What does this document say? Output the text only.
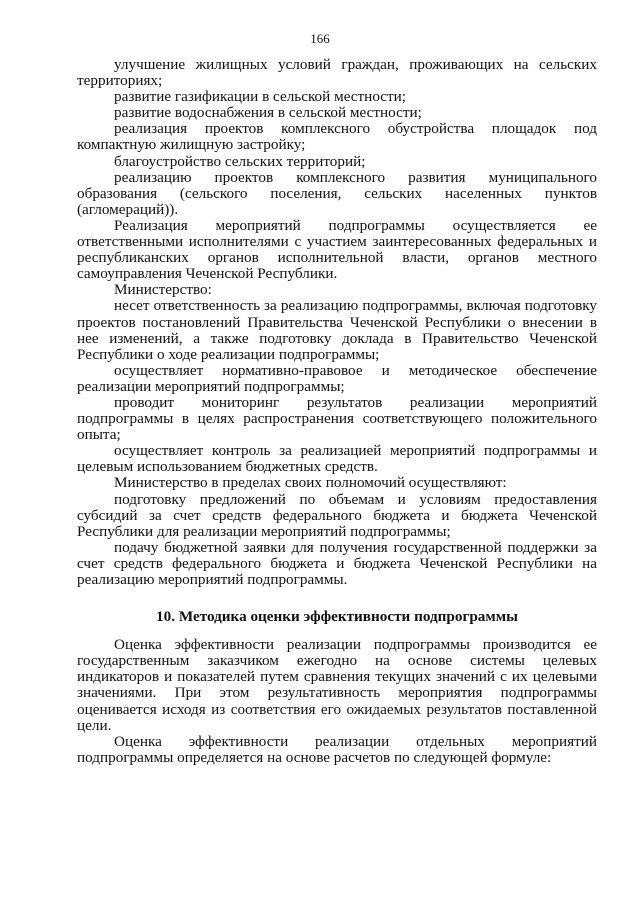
166

улучшение жилищных условий граждан, проживающих на сельских территориях;

развитие газификации в сельской местности;

развитие водоснабжения в сельской местности;

реализация проектов комплексного обустройства площадок под компактную жилищную застройку;

благоустройство сельских территорий;

реализацию проектов комплексного развития муниципального образования (сельского поселения, сельских населенных пунктов (агломераций)).

Реализация мероприятий подпрограммы осуществляется ее ответственными исполнителями с участием заинтересованных федеральных и республиканских органов исполнительной власти, органов местного самоуправления Чеченской Республики.

Министерство:

несет ответственность за реализацию подпрограммы, включая подготовку проектов постановлений Правительства Чеченской Республики о внесении в нее изменений, а также подготовку доклада в Правительство Чеченской Республики о ходе реализации подпрограммы;

осуществляет нормативно-правовое и методическое обеспечение реализации мероприятий подпрограммы;

проводит мониторинг результатов реализации мероприятий подпрограммы в целях распространения соответствующего положительного опыта;

осуществляет контроль за реализацией мероприятий подпрограммы и целевым использованием бюджетных средств.

Министерство в пределах своих полномочий осуществляют:

подготовку предложений по объемам и условиям предоставления субсидий за счет средств федерального бюджета и бюджета Чеченской Республики для реализации мероприятий подпрограммы;

подачу бюджетной заявки для получения государственной поддержки за счет средств федерального бюджета и бюджета Чеченской Республики на реализацию мероприятий подпрограммы.

10. Методика оценки эффективности подпрограммы

Оценка эффективности реализации подпрограммы производится ее государственным заказчиком ежегодно на основе системы целевых индикаторов и показателей путем сравнения текущих значений с их целевыми значениями. При этом результативность мероприятия подпрограммы оценивается исходя из соответствия его ожидаемых результатов поставленной цели.

Оценка эффективности реализации отдельных мероприятий подпрограммы определяется на основе расчетов по следующей формуле:
